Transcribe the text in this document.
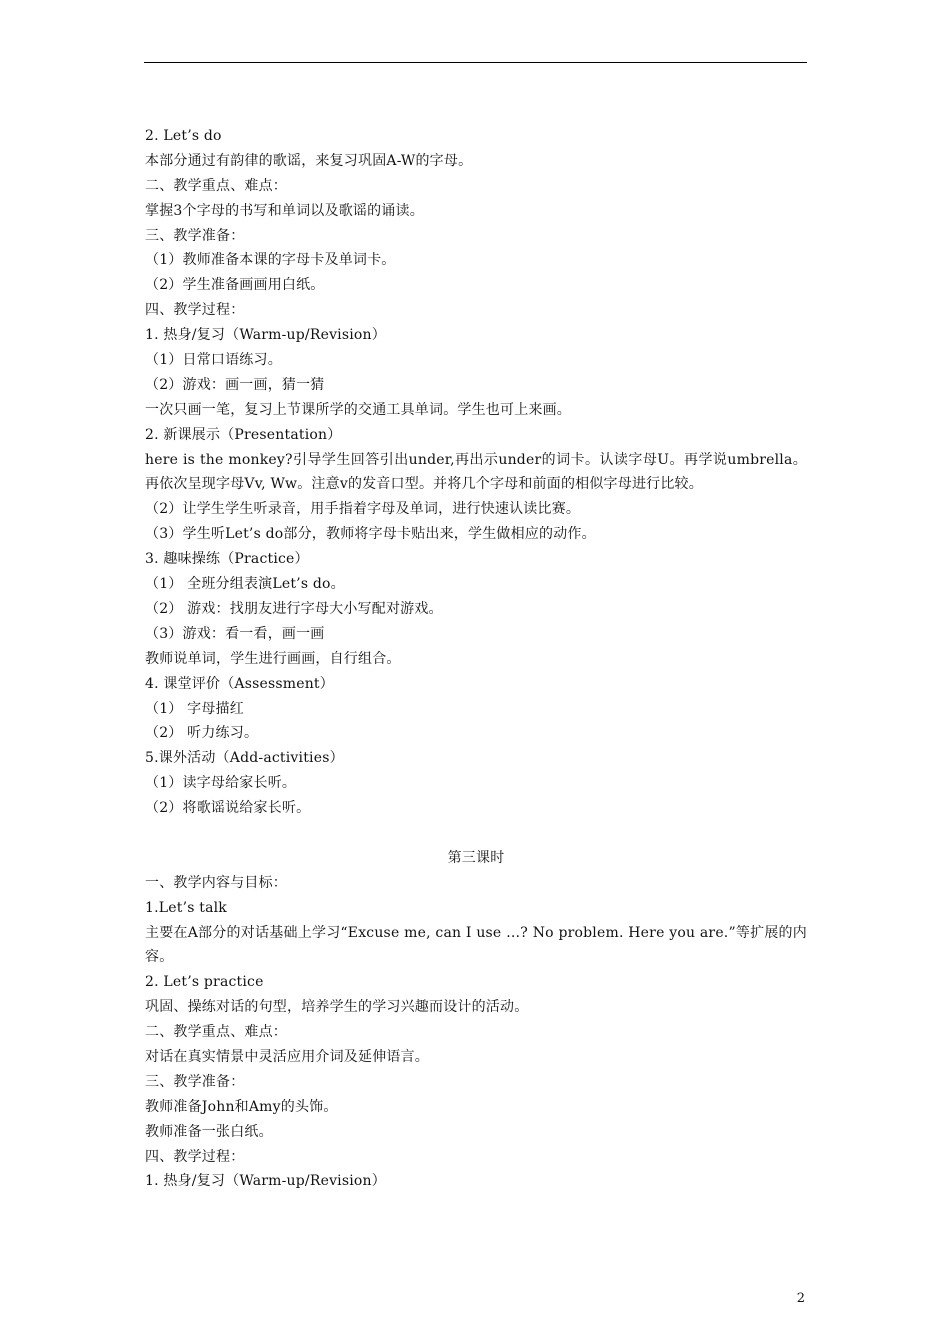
2. Let’s do
本部分通过有韵律的歌谣，来复习巩固A-W的字母。
二、教学重点、难点：
掌握3个字母的书写和单词以及歌谣的诵读。
三、教学准备：
（1）教师准备本课的字母卡及单词卡。
（2）学生准备画画用白纸。
四、教学过程：
1. 热身/复习（Warm-up/Revision）
（1）日常口语练习。
（2）游戏：画一画，猜一猜
一次只画一笔，复习上节课所学的交通工具单词。学生也可上来画。
2. 新课展示（Presentation）
here is the monkey?引导学生回答引出under,再出示under的词卡。认读字母U。再学说umbrella。再依次呈现字母Vv, Ww。注意v的发音口型。并将几个字母和前面的相似字母进行比较。
（2）让学生学生听录音，用手指着字母及单词，进行快速认读比赛。
（3）学生听Let’s do部分，教师将字母卡贴出来，学生做相应的动作。
3. 趣味操练（Practice）
（1） 全班分组表演Let’s do。
（2） 游戏：找朋友进行字母大小写配对游戏。
（3）游戏：看一看，画一画
教师说单词，学生进行画画，自行组合。
4. 课堂评价（Assessment）
（1） 字母描红
（2） 听力练习。
5.课外活动（Add-activities）
（1）读字母给家长听。
（2）将歌谣说给家长听。
第三课时
一、教学内容与目标：
1.Let’s talk
主要在A部分的对话基础上学习“Excuse me, can I use …? No problem. Here you are.”等扩展的内容。
2. Let’s practice
巩固、操练对话的句型，培养学生的学习兴趣而设计的活动。
二、教学重点、难点：
对话在真实情景中灵活应用介词及延伸语言。
三、教学准备：
教师准备John和Amy的头饰。
教师准备一张白纸。
四、教学过程：
1. 热身/复习（Warm-up/Revision）
2
